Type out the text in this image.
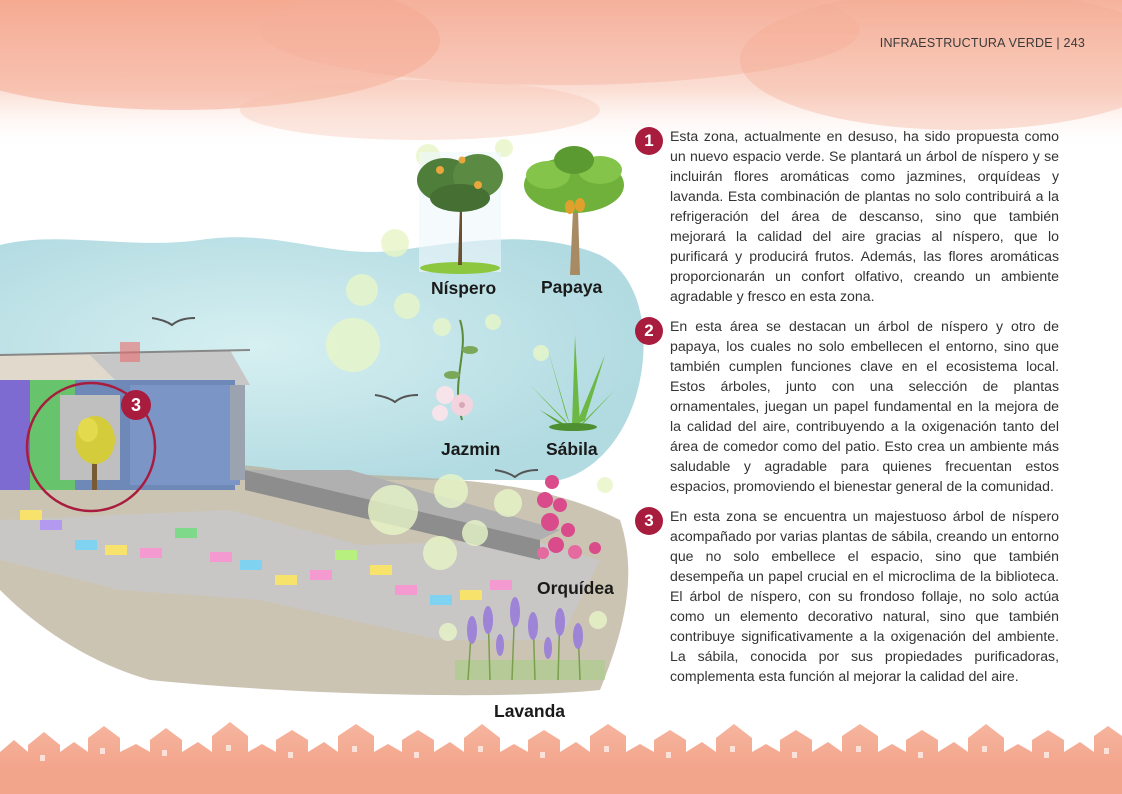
INFRAESTRUCTURA VERDE | 243
3
Níspero	Papaya
Jazmin	Sábila
Orquídea
Lavanda
1	Esta zona, actualmente en desuso, ha sido propuesta como un nuevo espacio verde. Se plantará un árbol de níspero y se incluirán flores aromáticas como jazmines, orquídeas y lavanda. Esta combinación de plantas no solo contribuirá a la refrigeración del área de descanso, sino que también mejorará la calidad del aire gracias al níspero, que lo purificará y producirá frutos. Además, las flores aromáticas proporcionarán un confort olfativo, creando un ambiente agradable y fresco en esta zona.

2	En esta área se destacan un árbol de níspero y otro de papaya, los cuales no solo embellecen el entorno, sino que también cumplen funciones clave en el ecosistema local. Estos árboles, junto con una selección de plantas ornamentales, juegan un papel fundamental en la mejora de la calidad del aire, contribuyendo a la oxigenación tanto del área de comedor como del patio. Esto crea un ambiente más saludable y agradable para quienes frecuentan estos espacios, promoviendo el bienestar general de la comunidad.

3	En esta zona se encuentra un majestuoso árbol de níspero acompañado por varias plantas de sábila, creando un entorno que no solo embellece el espacio, sino que también desempeña un papel crucial en el microclima de la biblioteca. El árbol de níspero, con su frondoso follaje, no solo actúa como un elemento decorativo natural, sino que también contribuye significativamente a la oxigenación del ambiente. La sábila, conocida por sus propiedades purificadoras, complementa esta función al mejorar la calidad del aire.
